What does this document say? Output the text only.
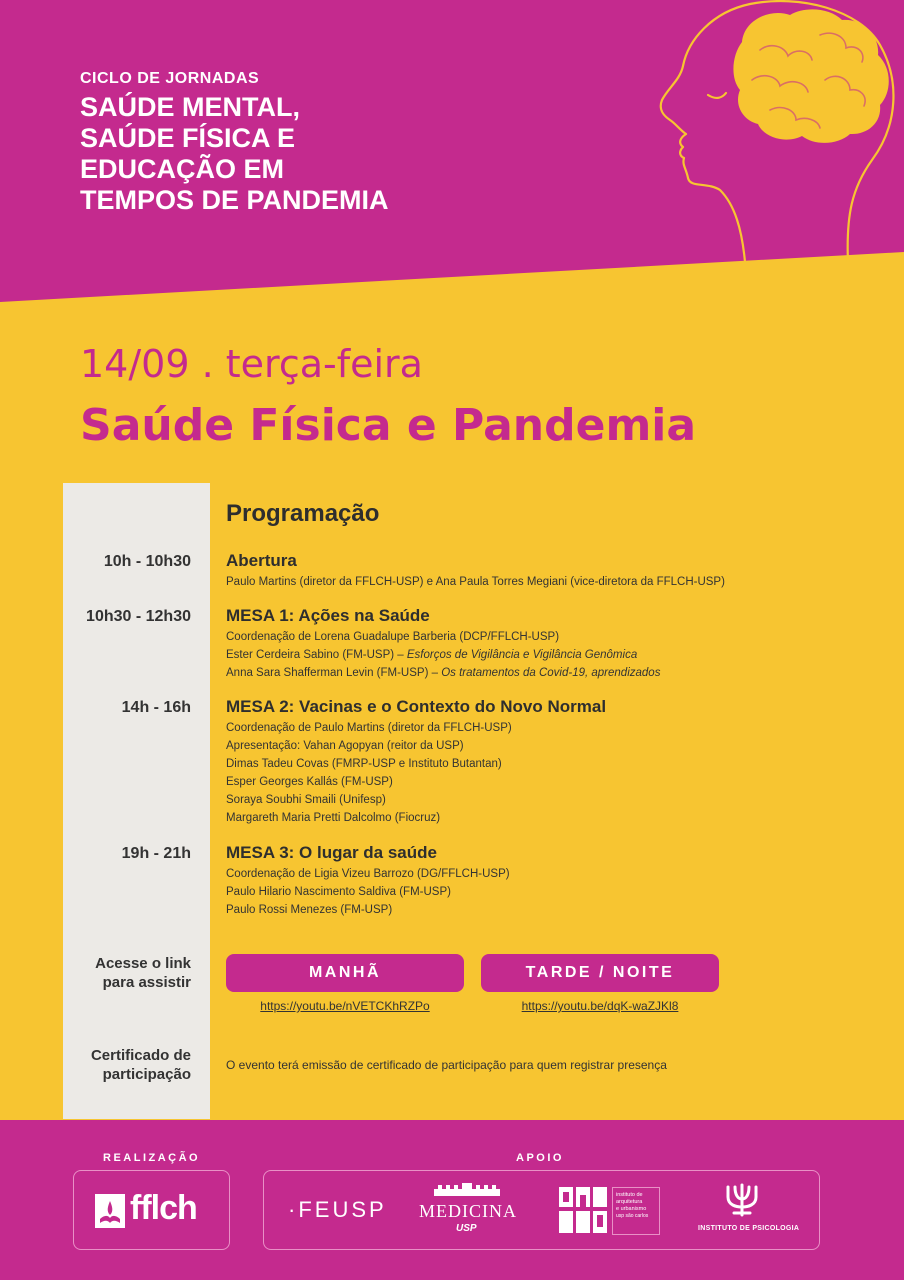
CICLO DE JORNADAS
SAÚDE MENTAL,
SAÚDE FÍSICA E
EDUCAÇÃO EM
TEMPOS DE PANDEMIA
14/09 . terça-feira
Saúde Física e Pandemia
Programação
10h - 10h30 Abertura
Paulo Martins (diretor da FFLCH-USP) e Ana Paula Torres Megiani (vice-diretora da FFLCH-USP)
10h30 - 12h30 MESA 1: Ações na Saúde
Coordenação de Lorena Guadalupe Barberia (DCP/FFLCH-USP)
Ester Cerdeira Sabino (FM-USP) – Esforços de Vigilância e Vigilância Genômica
Anna Sara Shafferman Levin (FM-USP) – Os tratamentos da Covid-19, aprendizados
14h - 16h MESA 2: Vacinas e o Contexto do Novo Normal
Coordenação de Paulo Martins (diretor da FFLCH-USP)
Apresentação: Vahan Agopyan (reitor da USP)
Dimas Tadeu Covas (FMRP-USP e Instituto Butantan)
Esper Georges Kallás (FM-USP)
Soraya Soubhi Smaili (Unifesp)
Margareth Maria Pretti Dalcolmo (Fiocruz)
19h - 21h MESA 3: O lugar da saúde
Coordenação de Ligia Vizeu Barrozo (DG/FFLCH-USP)
Paulo Hilario Nascimento Saldiva (FM-USP)
Paulo Rossi Menezes (FM-USP)
Acesse o link
para assistir
MANHÃ	TARDE / NOITE
https://youtu.be/nVETCKhRZPo	https://youtu.be/dqK-waZJKl8
Certificado de
participação
O evento terá emissão de certificado de participação para quem registrar presença
REALIZAÇÃO	APOIO
fflch	·FEUSP MEDICINA
USP
instituto de
arquitetura
e urbanismo
usp são carlos
INSTITUTO DE PSICOLOGIA
